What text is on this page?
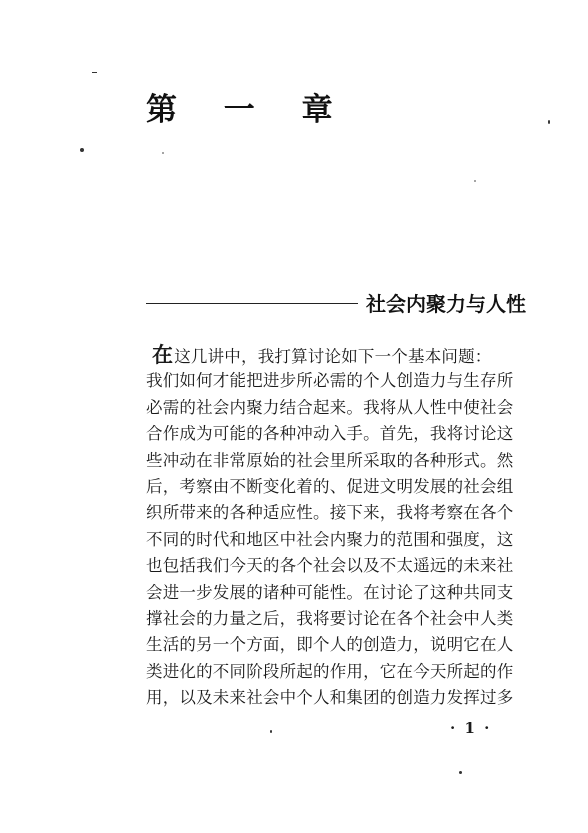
第 一 章
社会内聚力与人性
在这几讲中，我打算讨论如下一个基本问题：
我们如何才能把进步所必需的个人创造力与生存所
必需的社会内聚力结合起来。我将从人性中使社会
合作成为可能的各种冲动入手。首先，我将讨论这
些冲动在非常原始的社会里所采取的各种形式。然
后，考察由不断变化着的、促进文明发展的社会组
织所带来的各种适应性。接下来，我将考察在各个
不同的时代和地区中社会内聚力的范围和强度，这
也包括我们今天的各个社会以及不太遥远的未来社
会进一步发展的诸种可能性。在讨论了这种共同支
撑社会的力量之后，我将要讨论在各个社会中人类
生活的另一个方面，即个人的创造力，说明它在人
类进化的不同阶段所起的作用，它在今天所起的作
用，以及未来社会中个人和集团的创造力发挥过多
· 1 ·
